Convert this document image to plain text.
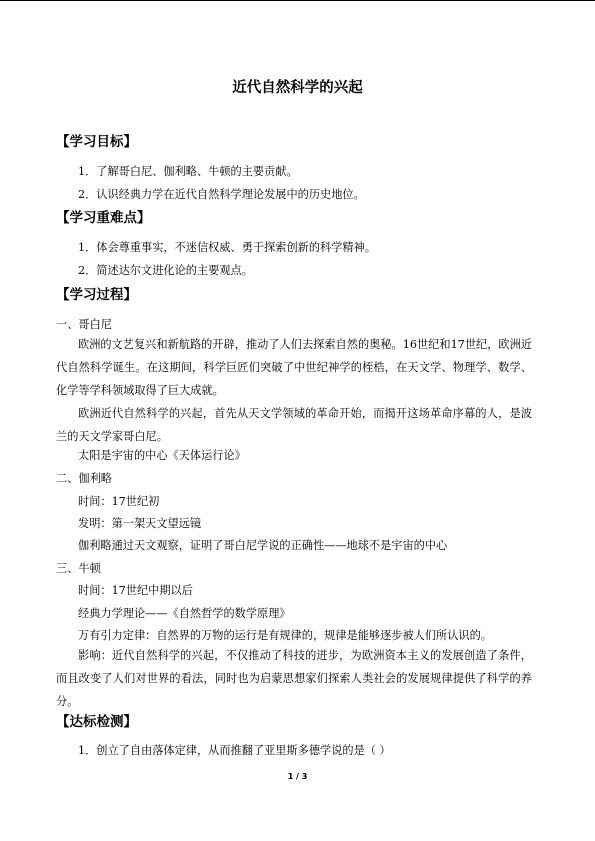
近代自然科学的兴起
【学习目标】
1．了解哥白尼、伽利略、牛顿的主要贡献。
2．认识经典力学在近代自然科学理论发展中的历史地位。
【学习重难点】
1．体会尊重事实，不迷信权威、勇于探索创新的科学精神。
2．简述达尔文进化论的主要观点。
【学习过程】
一、哥白尼
欧洲的文艺复兴和新航路的开辟，推动了人们去探索自然的奥秘。16世纪和17世纪，欧洲近代自然科学诞生。在这期间，科学巨匠们突破了中世纪神学的桎梏，在天文学、物理学、数学、化学等学科领域取得了巨大成就。
欧洲近代自然科学的兴起，首先从天文学领域的革命开始，而揭开这场革命序幕的人，是波兰的天文学家哥白尼。
太阳是宇宙的中心《天体运行论》
二、伽利略
时间：17世纪初
发明：第一架天文望远镜
伽利略通过天文观察，证明了哥白尼学说的正确性——地球不是宇宙的中心
三、牛顿
时间：17世纪中期以后
经典力学理论——《自然哲学的数学原理》
万有引力定律：自然界的万物的运行是有规律的，规律是能够逐步被人们所认识的。
影响：近代自然科学的兴起，不仅推动了科技的进步，为欧洲资本主义的发展创造了条件，而且改变了人们对世界的看法，同时也为启蒙思想家们探索人类社会的发展规律提供了科学的养分。
【达标检测】
1．创立了自由落体定律，从而推翻了亚里斯多德学说的是（ ）
1 / 3
